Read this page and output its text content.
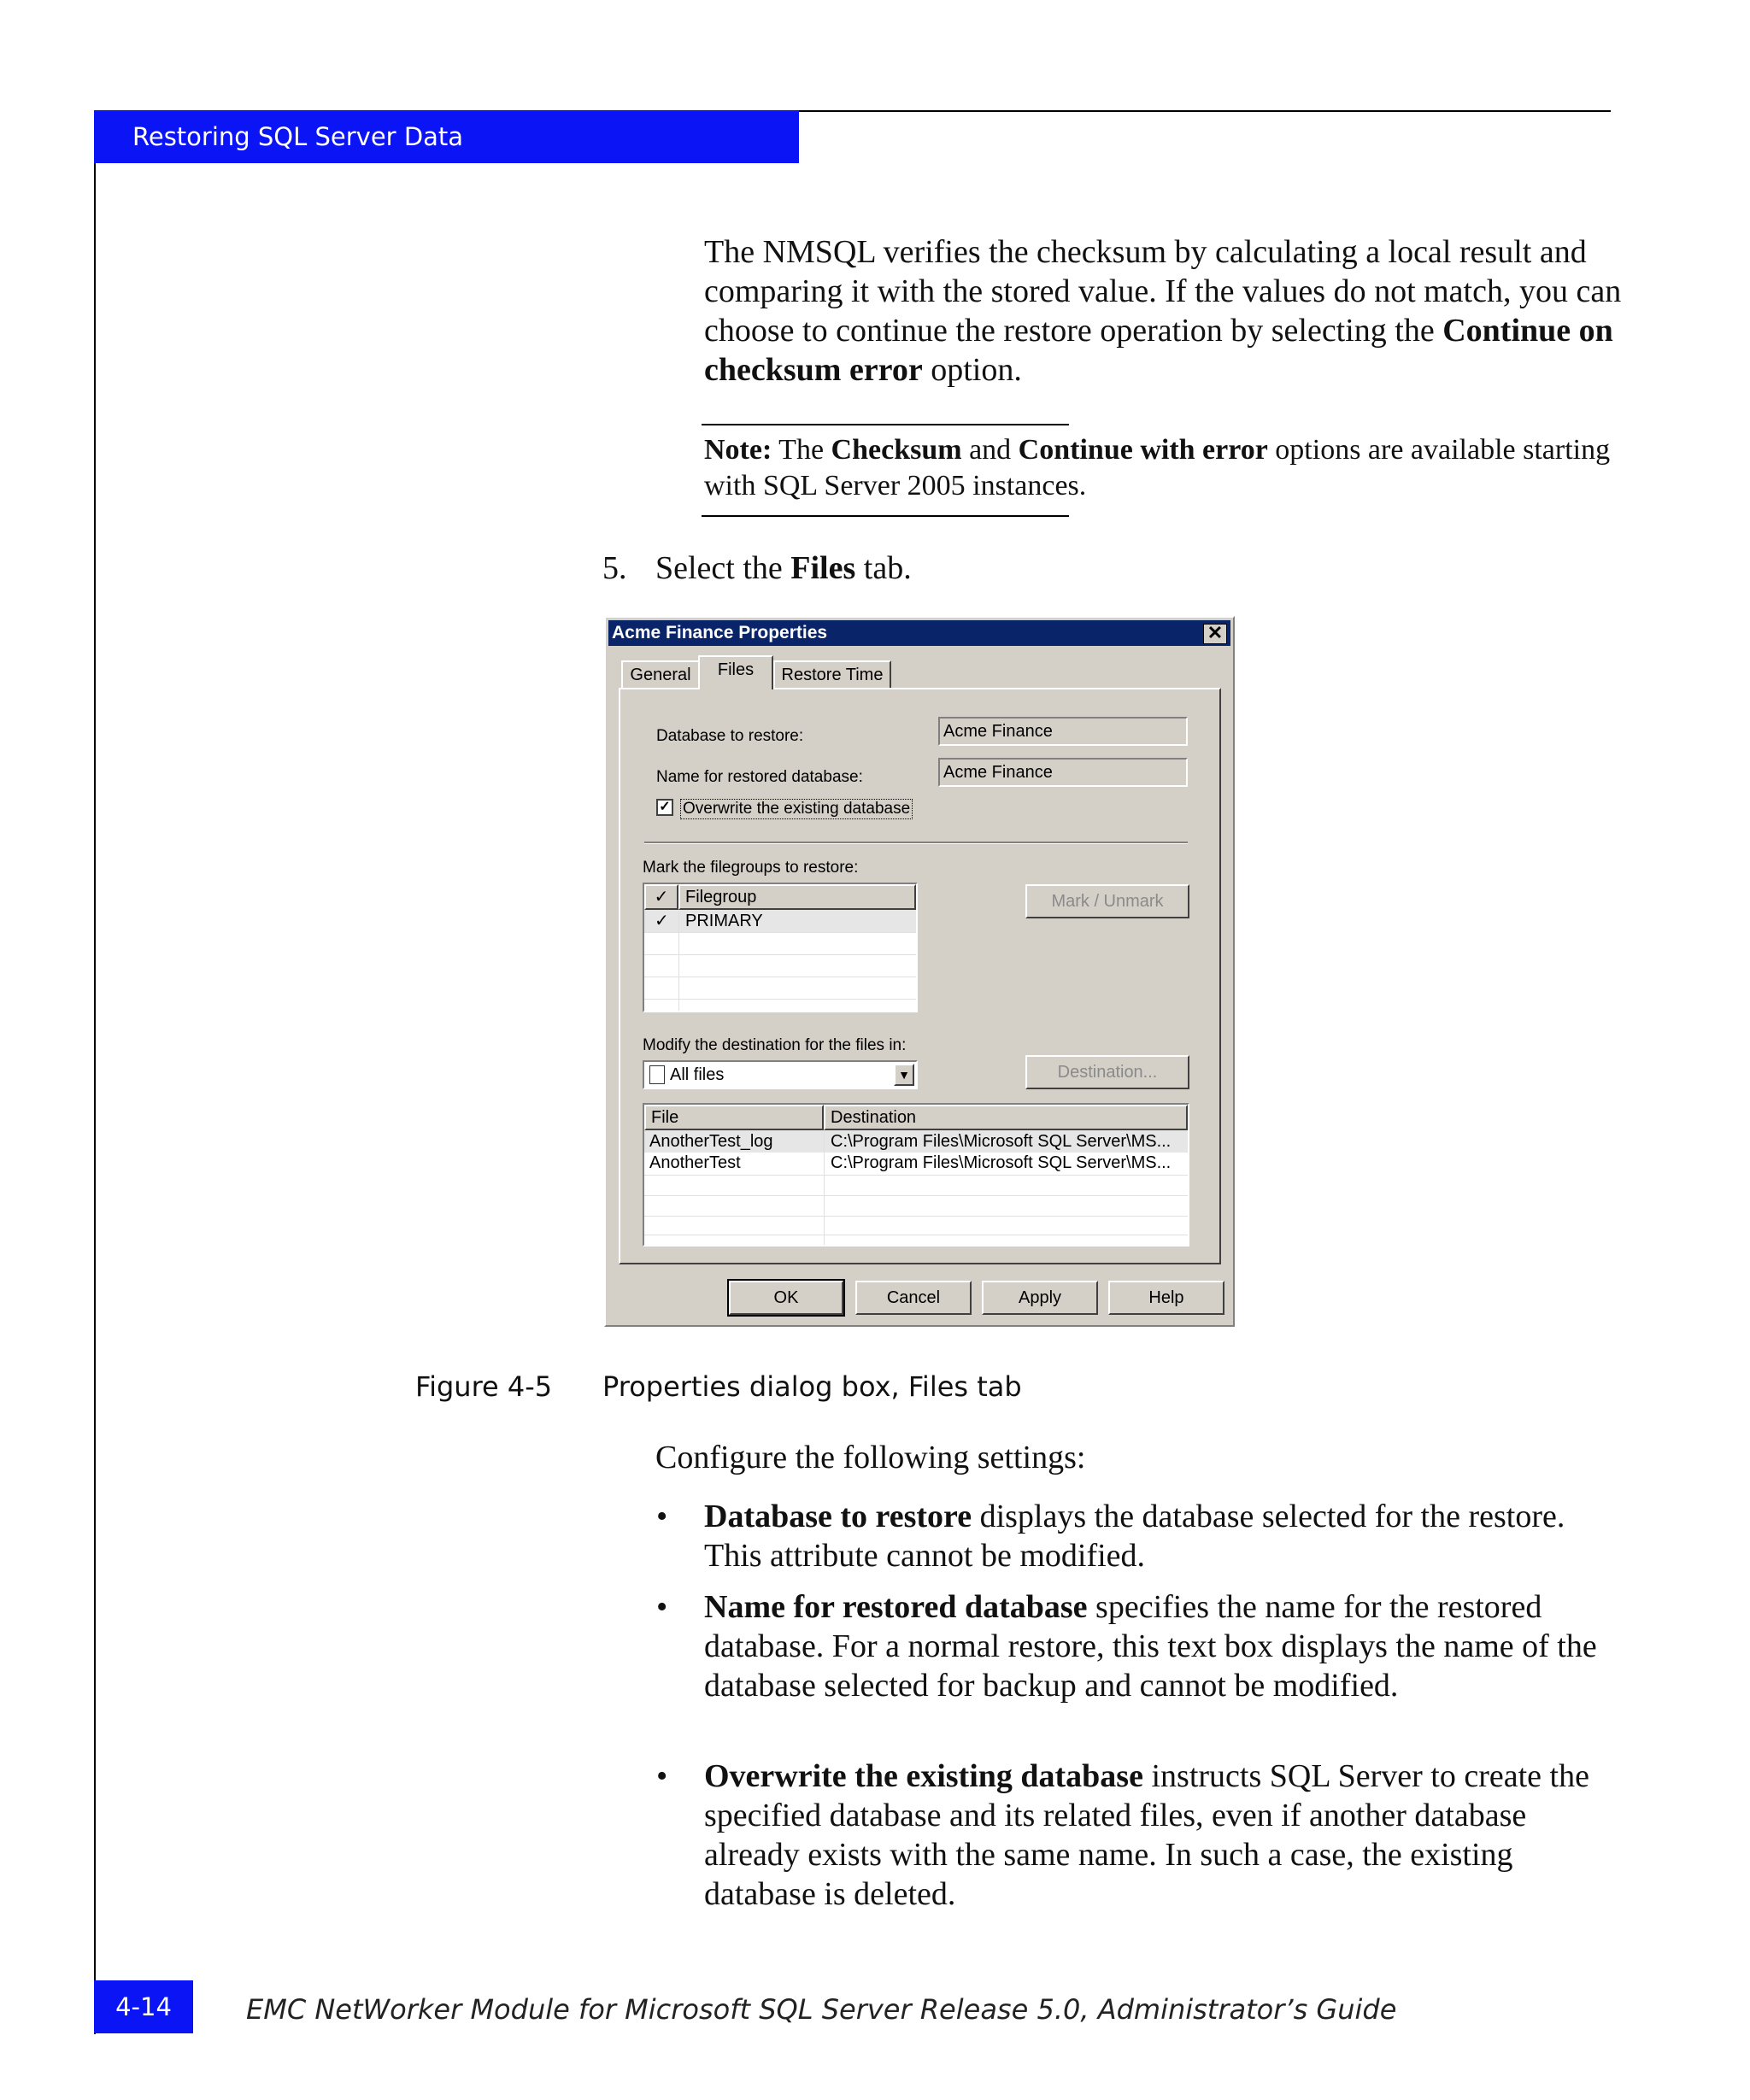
Restoring SQL Server Data
The NMSQL verifies the checksum by calculating a local result and comparing it with the stored value. If the values do not match, you can choose to continue the restore operation by selecting the Continue on checksum error option.
Note: The Checksum and Continue with error options are available starting with SQL Server 2005 instances.
5. Select the Files tab.
Acme Finance Properties	✕
General	Files	Restore Time
Database to restore:	Acme Finance
Name for restored database:	Acme Finance
✓ Overwrite the existing database
Mark the filegroups to restore:
✓ Filegroup
✓ PRIMARY
Mark / Unmark
Modify the destination for the files in:
All files	▼	Destination...
File	Destination
AnotherTest_log	C:\Program Files\Microsoft SQL Server\MS...
AnotherTest	C:\Program Files\Microsoft SQL Server\MS...
OK	Cancel	Apply	Help
Figure 4-5 Properties dialog box, Files tab
Configure the following settings:
• Database to restore displays the database selected for the restore. This attribute cannot be modified.
• Name for restored database specifies the name for the restored database. For a normal restore, this text box displays the name of the database selected for backup and cannot be modified.
• Overwrite the existing database instructs SQL Server to create the specified database and its related files, even if another database already exists with the same name. In such a case, the existing database is deleted.
4-14	EMC NetWorker Module for Microsoft SQL Server Release 5.0, Administrator’s Guide
